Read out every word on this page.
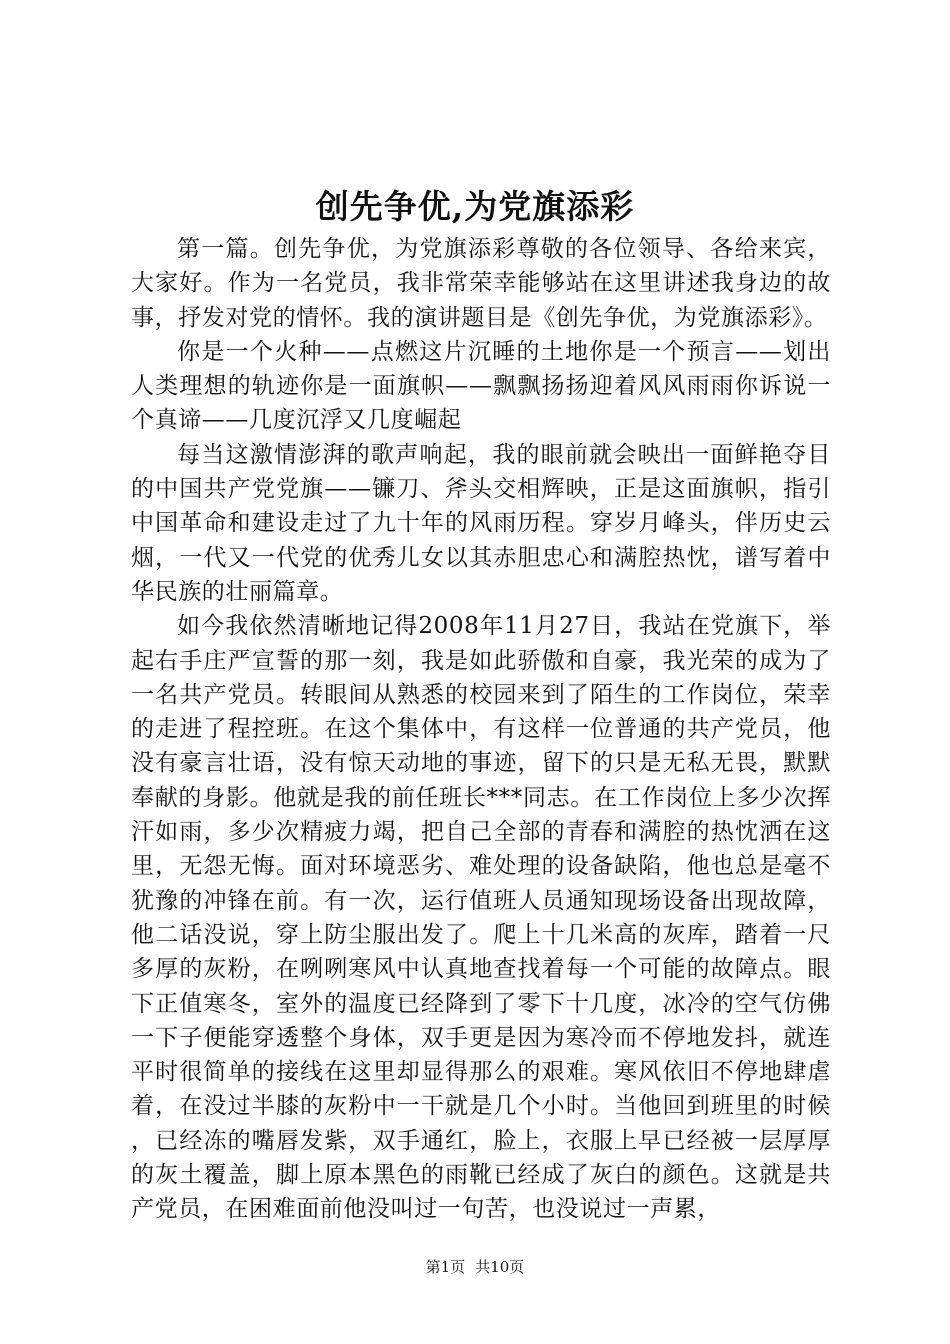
创先争优,为党旗添彩

第一篇。创先争优，为党旗添彩尊敬的各位领导、各给来宾，大家好。作为一名党员，我非常荣幸能够站在这里讲述我身边的故事，抒发对党的情怀。我的演讲题目是《创先争优，为党旗添彩》。

你是一个火种——点燃这片沉睡的土地你是一个预言——划出人类理想的轨迹你是一面旗帜——飘飘扬扬迎着风风雨雨你诉说一个真谛——几度沉浮又几度崛起

每当这激情澎湃的歌声响起，我的眼前就会映出一面鲜艳夺目的中国共产党党旗——镰刀、斧头交相辉映，正是这面旗帜，指引中国革命和建设走过了九十年的风雨历程。穿岁月峰头，伴历史云烟，一代又一代党的优秀儿女以其赤胆忠心和满腔热忱，谱写着中华民族的壮丽篇章。

如今我依然清晰地记得2008年11月27日，我站在党旗下，举起右手庄严宣誓的那一刻，我是如此骄傲和自豪，我光荣的成为了一名共产党员。转眼间从熟悉的校园来到了陌生的工作岗位，荣幸的走进了程控班。在这个集体中，有这样一位普通的共产党员，他没有豪言壮语，没有惊天动地的事迹，留下的只是无私无畏，默默奉献的身影。他就是我的前任班长***同志。在工作岗位上多少次挥汗如雨，多少次精疲力竭，把自己全部的青春和满腔的热忱洒在这里，无怨无悔。面对环境恶劣、难处理的设备缺陷，他也总是毫不犹豫的冲锋在前。有一次，运行值班人员通知现场设备出现故障，他二话没说，穿上防尘服出发了。爬上十几米高的灰库，踏着一尺多厚的灰粉，在咧咧寒风中认真地查找着每一个可能的故障点。眼下正值寒冬，室外的温度已经降到了零下十几度，冰冷的空气仿佛一下子便能穿透整个身体，双手更是因为寒冷而不停地发抖，就连平时很简单的接线在这里却显得那么的艰难。寒风依旧不停地肆虐着，在没过半膝的灰粉中一干就是几个小时。当他回到班里的时候，已经冻的嘴唇发紫，双手通红，脸上，衣服上早已经被一层厚厚的灰土覆盖，脚上原本黑色的雨靴已经成了灰白的颜色。这就是共产党员，在困难面前他没叫过一句苦，也没说过一声累，

第1页 共10页
